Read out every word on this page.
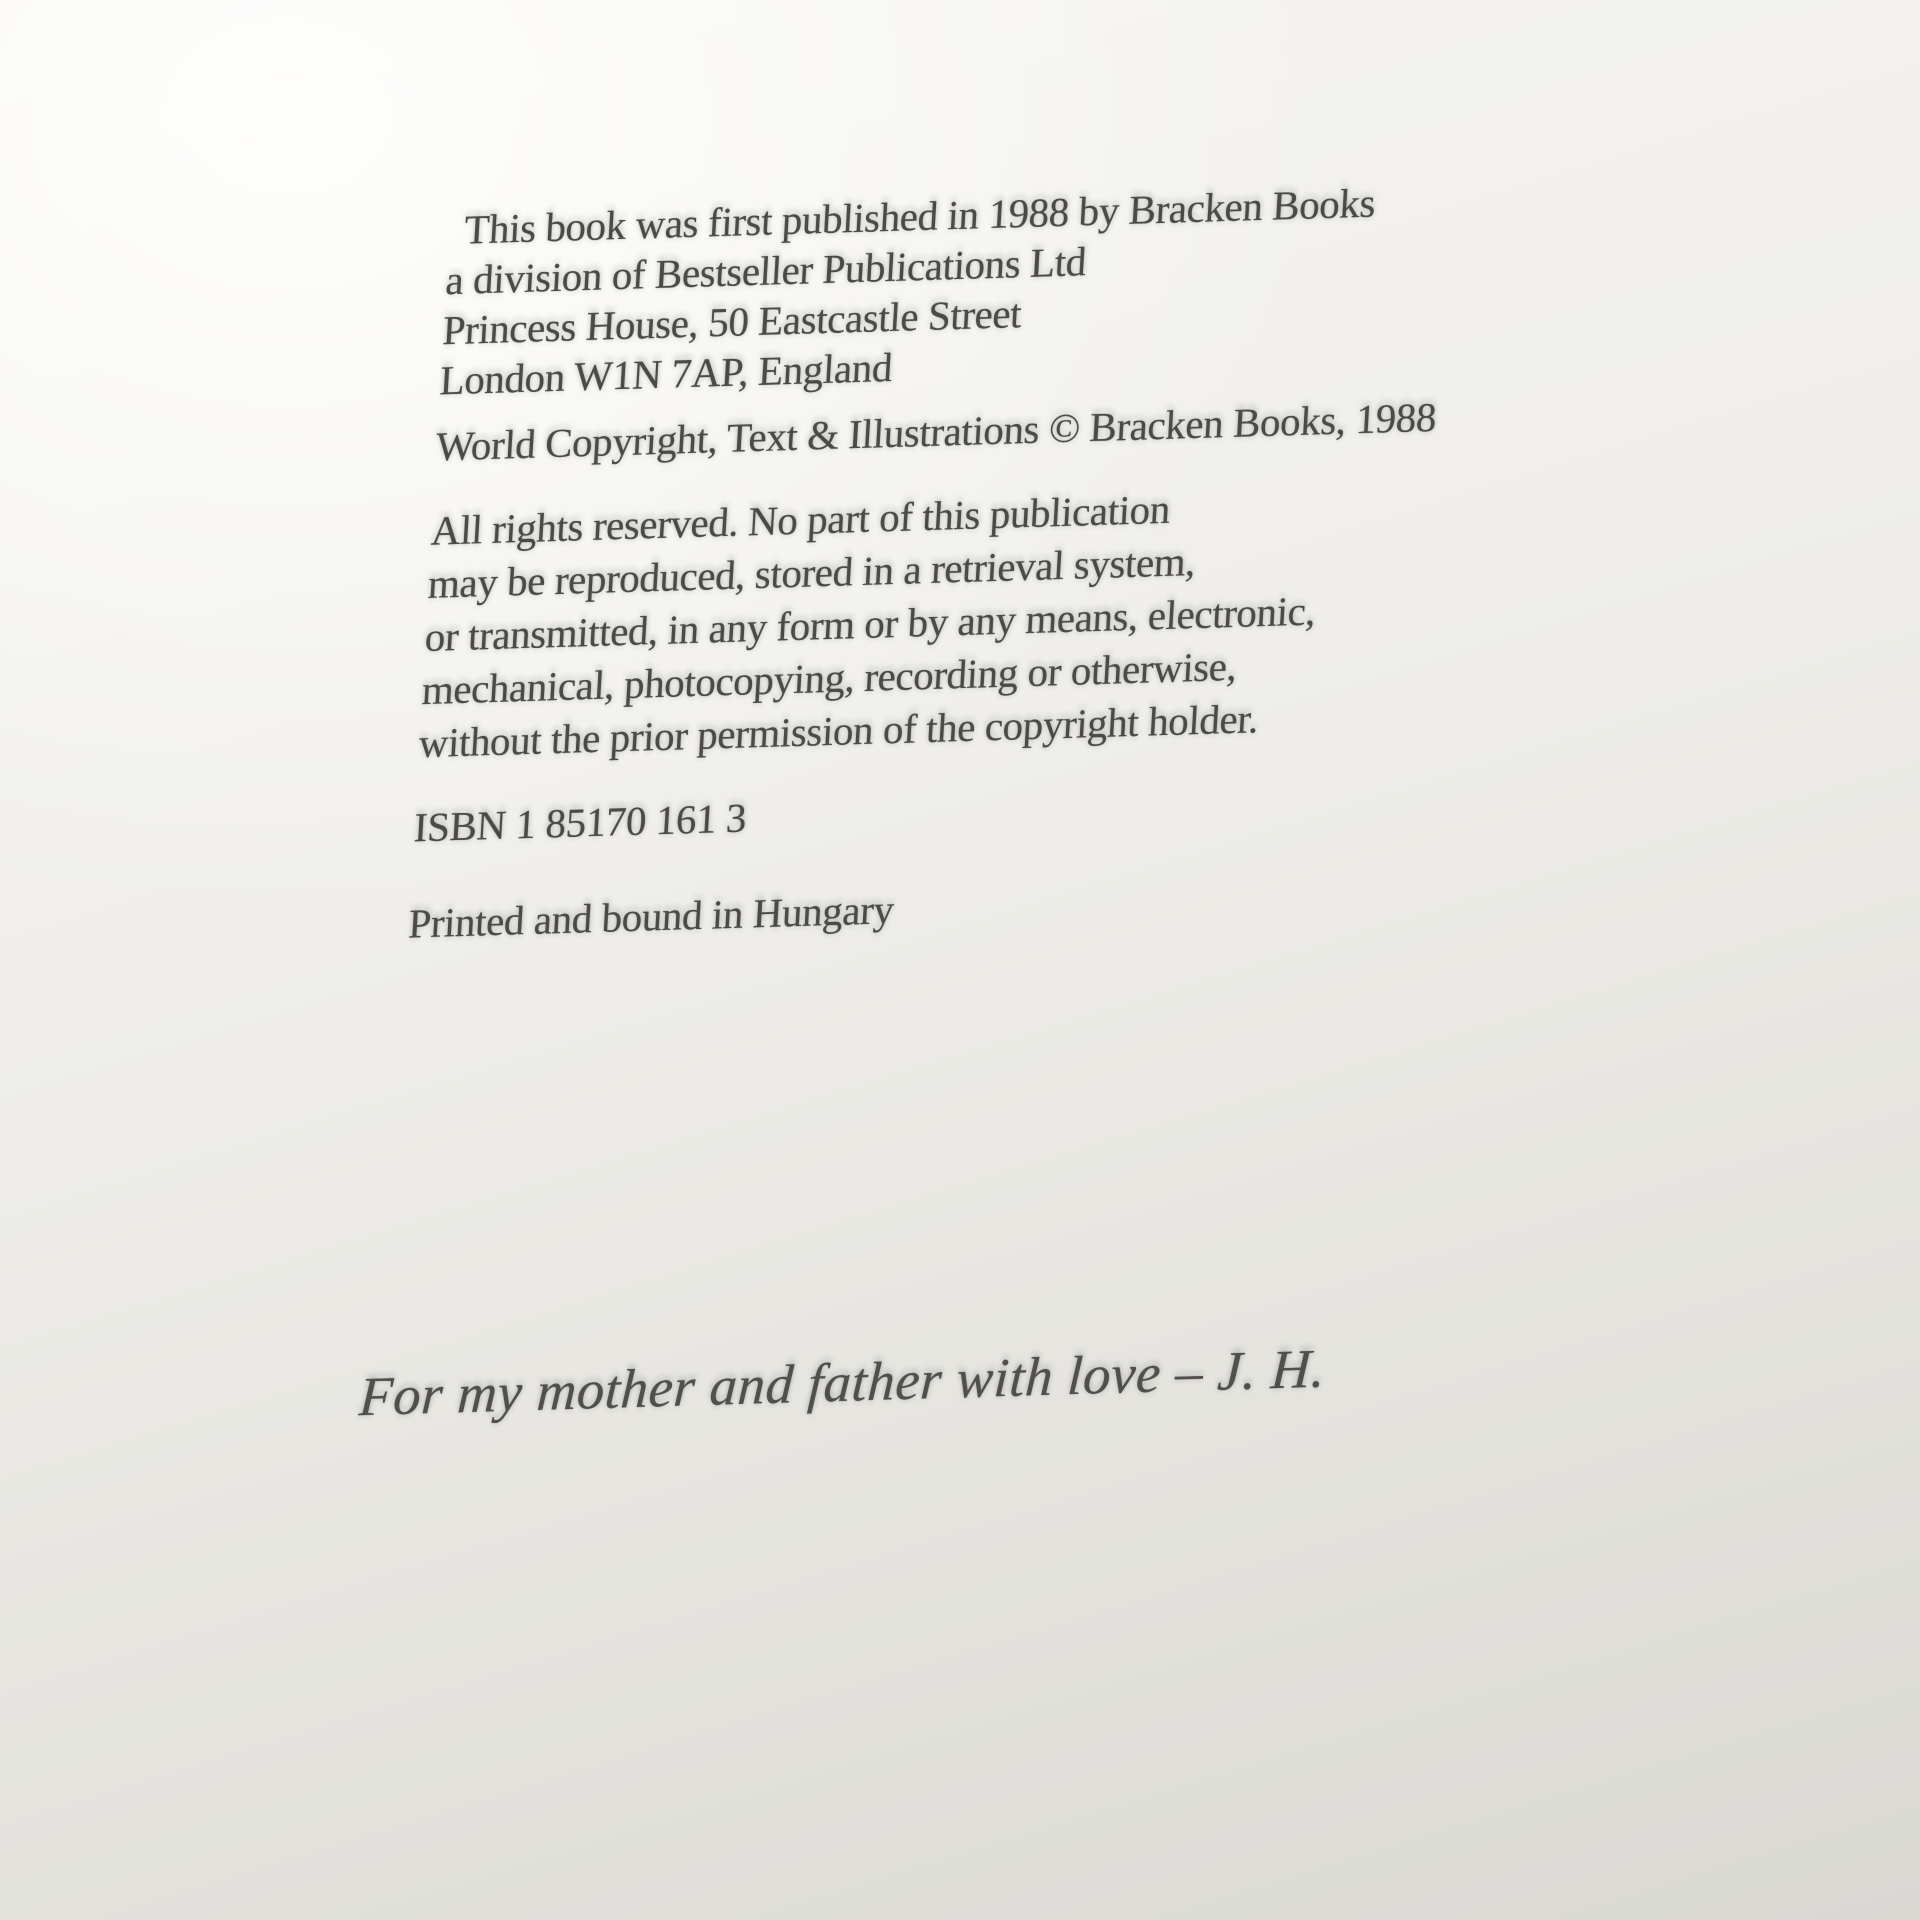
This book was first published in 1988 by Bracken Books
a division of Bestseller Publications Ltd
Princess House, 50 Eastcastle Street
London W1N 7AP, England

World Copyright, Text & Illustrations © Bracken Books, 1988

All rights reserved. No part of this publication
may be reproduced, stored in a retrieval system,
or transmitted, in any form or by any means, electronic,
mechanical, photocopying, recording or otherwise,
without the prior permission of the copyright holder.

ISBN 1 85170 161 3

Printed and bound in Hungary

For my mother and father with love – J. H.
